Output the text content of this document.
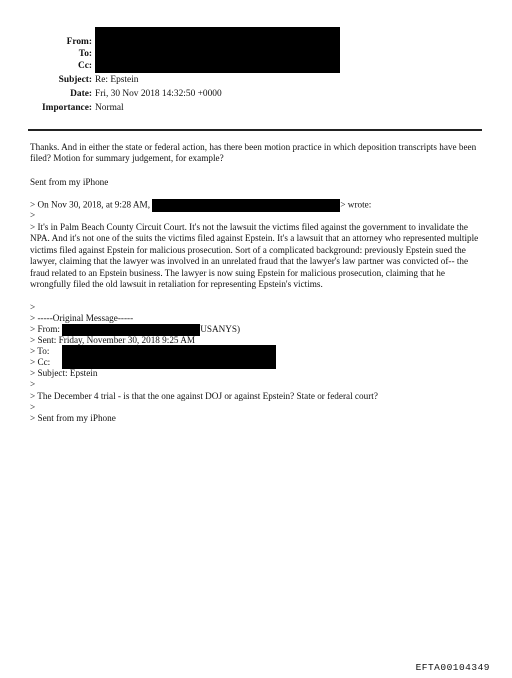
From:
To:
Cc:
Subject: Re: Epstein
Date: Fri, 30 Nov 2018 14:32:50 +0000
Importance: Normal

Thanks. And in either the state or federal action, has there been motion practice in which deposition transcripts have been filed? Motion for summary judgement, for example?

Sent from my iPhone
> On Nov 30, 2018, at 9:28 AM,	> wrote:
>

> It's in Palm Beach County Circuit Court. It's not the lawsuit the victims filed against the government to invalidate the NPA. And it's not one of the suits the victims filed against Epstein. It's a lawsuit that an attorney who represented multiple victims filed against Epstein for malicious prosecution. Sort of a complicated background: previously Epstein sued the lawyer, claiming that the lawyer was involved in an unrelated fraud that the lawyer's law partner was convicted of-- the fraud related to an Epstein business. The lawyer is now suing Epstein for malicious prosecution, claiming that he wrongfully filed the old lawsuit in retaliation for representing Epstein's victims.

>
> -----Original Message-----
> From:	USANYS)
> Sent: Friday, November 30, 2018 9:25 AM
> To:
> Cc:
> Subject: Epstein
>
> The December 4 trial - is that the one against DOJ or against Epstein? State or federal court?
>
> Sent from my iPhone
EFTA00104349
